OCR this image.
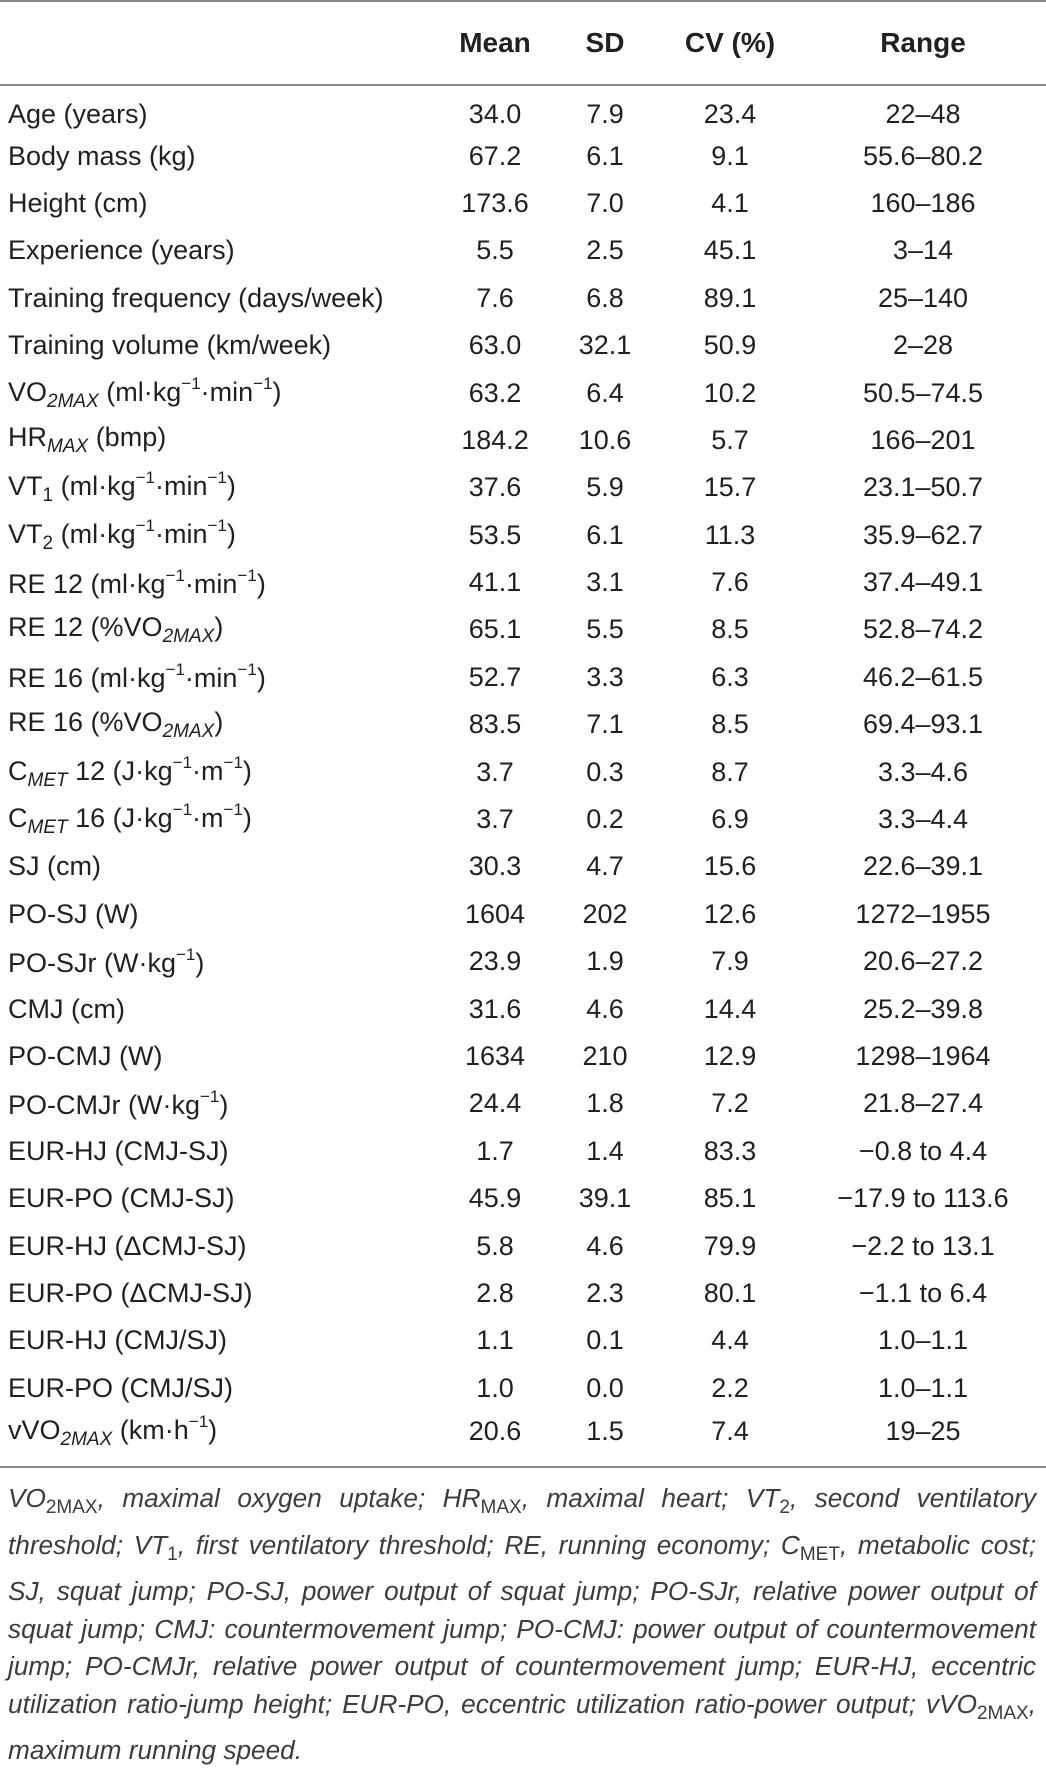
	Mean	SD	CV (%)	Range
Age (years)	34.0	7.9	23.4	22–48
Body mass (kg)	67.2	6.1	9.1	55.6–80.2
Height (cm)	173.6	7.0	4.1	160–186
Experience (years)	5.5	2.5	45.1	3–14
Training frequency (days/week)	7.6	6.8	89.1	25–140
Training volume (km/week)	63.0	32.1	50.9	2–28
$VO_{2MAX}$ $(ml\cdot kg^{-1}\cdot\min^{-1})$	63.2	6.4	10.2	50.5–74.5
$HR_{MAX}$ (bmp)	184.2	10.6	5.7	166–201
$VT_1$ $(ml\cdot kg^{-1}\cdot\min^{-1})$	37.6	5.9	15.7	23.1–50.7
$VT_2$ $(ml\cdot kg^{-1}\cdot\min^{-1})$	53.5	6.1	11.3	35.9–62.7
RE 12 $(ml\cdot kg^{-1}\cdot\min^{-1})$	41.1	3.1	7.6	37.4–49.1
RE 12 $(\%VO_{2MAX})$	65.1	5.5	8.5	52.8–74.2
RE 16 $(ml\cdot kg^{-1}\cdot\min^{-1})$	52.7	3.3	6.3	46.2–61.5
RE 16 $(\%VO_{2MAX})$	83.5	7.1	8.5	69.4–93.1
$C_{MET}$ 12 $(J\cdot kg^{-1}\cdot m^{-1})$	3.7	0.3	8.7	3.3–4.6
$C_{MET}$ 16 $(J\cdot kg^{-1}\cdot m^{-1})$	3.7	0.2	6.9	3.3–4.4
SJ (cm)	30.3	4.7	15.6	22.6–39.1
PO-SJ (W)	1604	202	12.6	1272–1955
PO-SJr $(W\cdot kg^{-1})$	23.9	1.9	7.9	20.6–27.2
CMJ (cm)	31.6	4.6	14.4	25.2–39.8
PO-CMJ (W)	1634	210	12.9	1298–1964
PO-CMJr $(W\cdot kg^{-1})$	24.4	1.8	7.2	21.8–27.4
EUR-HJ (CMJ-SJ)	1.7	1.4	83.3	−0.8 to 4.4
EUR-PO (CMJ-SJ)	45.9	39.1	85.1	−17.9 to 113.6
EUR-HJ (ΔCMJ-SJ)	5.8	4.6	79.9	−2.2 to 13.1
EUR-PO (ΔCMJ-SJ)	2.8	2.3	80.1	−1.1 to 6.4
EUR-HJ (CMJ/SJ)	1.1	0.1	4.4	1.0–1.1
EUR-PO (CMJ/SJ)	1.0	0.0	2.2	1.0–1.1
vVO$_{2MAX}$ $(km\cdot h^{-1})$	20.6	1.5	7.4	19–25
$VO_{2MAX}$, maximal oxygen uptake; $HR_{MAX}$, maximal heart; $VT_2$, second ventilatory threshold; $VT_1$, first ventilatory threshold; RE, running economy; $C_{MET}$, metabolic cost; SJ, squat jump; PO-SJ, power output of squat jump; PO-SJr, relative power output of squat jump; CMJ: countermovement jump; PO-CMJ: power output of countermovement jump; PO-CMJr, relative power output of countermovement jump; EUR-HJ, eccentric utilization ratio-jump height; EUR-PO, eccentric utilization ratio-power output; vVO$_{2MAX}$, maximum running speed.
